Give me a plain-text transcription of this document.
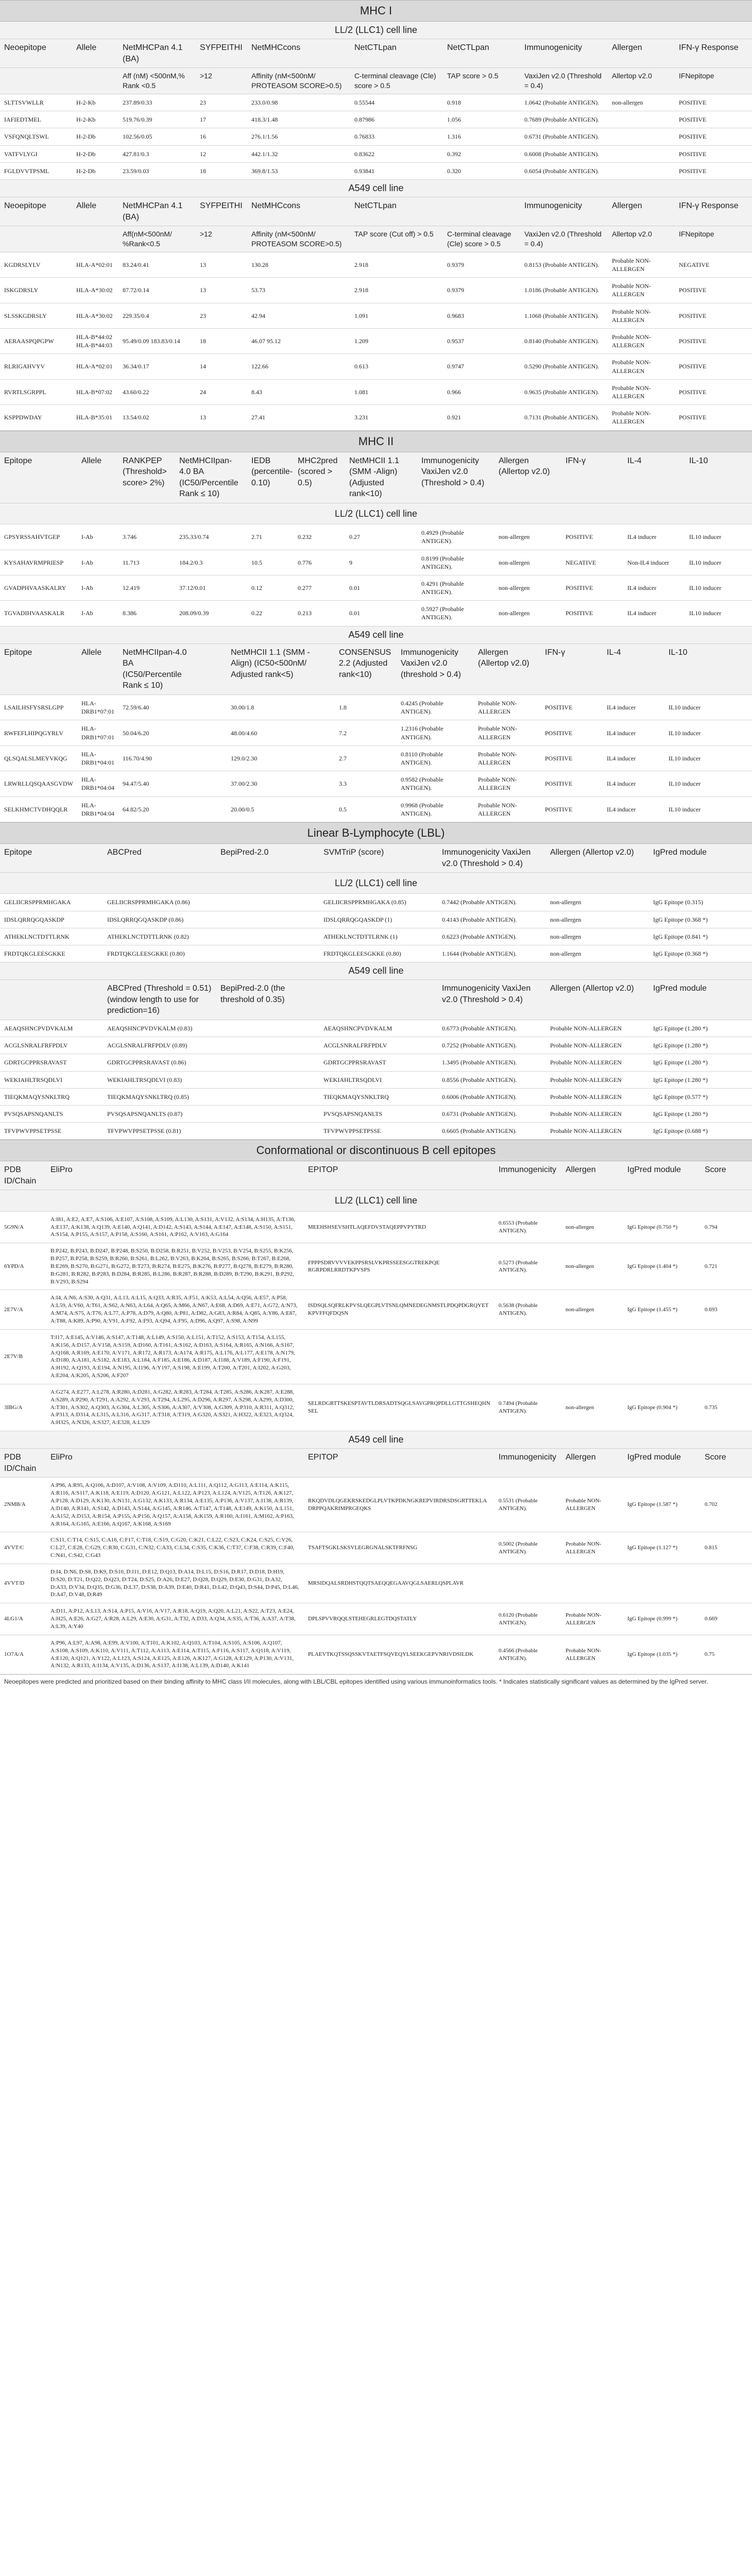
MHC I
LL/2 (LLC1) cell line
Neoepitope	Allele	NetMHCPan 4.1 (BA)	SYFPEITHI	NetMHCcons	NetCTLpan	NetCTLpan	Immunogenicity	Allergen	IFN-γ Response
		Aff (nM) <500nM,% Rank <0.5	>12	Affinity (nM<500nM/ PROTEASOM SCORE>0.5)	C-terminal cleavage (Cle) score > 0.5	TAP score > 0.5	VaxiJen v2.0 (Threshold = 0.4)	Allertop v2.0	IFNepitope
SLTTSVWLLR	H-2-Kb	237.89/0.33	23	233.0/0.98	0.55544	0.918	1.0642 (Probable ANTIGEN).	non-allergen	POSITIVE
IAFIEDTMEL	H-2-Kb	519.76/0.39	17	418.3/1.48	0.87986	1.056	0.7689 (Probable ANTIGEN).		POSITIVE
VSFQNQLTSWL	H-2-Db	102.56/0.05	16	276.1/1.56	0.76833	1.316	0.6731 (Probable ANTIGEN).		POSITIVE
VATFVLYGI	H-2-Db	427.81/0.3	12	442.1/1.32	0.83622	0.392	0.6008 (Probable ANTIGEN).		POSITIVE
FGLDVVTPSML	H-2-Db	23.59/0.03	18	369.8/1.53	0.93841	0.320	0.6054 (Probable ANTIGEN).		POSITIVE
A549 cell line
Neoepitope	Allele	NetMHCPan 4.1 (BA)	SYFPEITHI	NetMHCcons	NetCTLpan		Immunogenicity	Allergen	IFN-γ Response
		Aff(nM<500nM/ %Rank<0.5	>12	Affinity (nM<500nM/ PROTEASOM SCORE>0.5)	TAP score (Cut off) > 0.5	C-terminal cleavage (Cle) score > 0.5	VaxiJen v2.0 (Threshold = 0.4)	Allertop v2.0	IFNepitope
KGDRSLYLV	HLA-A*02:01	83.24/0.41	13	130.28	2.918	0.9379	0.8153 (Probable ANTIGEN).	Probable NON-ALLERGEN	NEGATIVE
ISKGDRSLY	HLA-A*30:02	87.72/0.14	13	53.73	2.918	0.9379	1.0186 (Probable ANTIGEN).	Probable NON-ALLERGEN	POSITIVE
SLSSKGDRSLY	HLA-A*30:02	229.35/0.4	23	42.94	1.091	0.9683	1.1068 (Probable ANTIGEN).	Probable NON-ALLERGEN	POSITIVE
AERAASPQPGPW	HLA-B*44:02 HLA-B*44:03	95.49/0.09 183.83/0.14	18	46.07 95.12	1.209	0.9537	0.8140 (Probable ANTIGEN).	Probable NON-ALLERGEN	POSITIVE
RLRIGAHVYV	HLA-A*02:01	36.34/0.17	14	122.66	0.613	0.9747	0.5290 (Probable ANTIGEN).	Probable NON-ALLERGEN	POSITIVE
RVRTLSGRPPL	HLA-B*07:02	43.60/0.22	24	8.43	1.081	0.966	0.9635 (Probable ANTIGEN).	Probable NON-ALLERGEN	POSITIVE
KSPPDWDAY	HLA-B*35:01	13.54/0.02	13	27.41	3.231	0.921	0.7131 (Probable ANTIGEN).	Probable NON-ALLERGEN	POSITIVE
MHC II
Epitope	Allele	RANKPEP (Threshold> score> 2%)	NetMHCIIpan-4.0 BA (IC50/Percentile Rank ≤ 10)	IEDB (percentile-0.10)	MHC2pred (scored > 0.5)	NetMHCII 1.1 (SMM -Align) (Adjusted rank<10)	Immunogenicity VaxiJen v2.0 (Threshold > 0.4)	Allergen (Allertop v2.0)	IFN-γ	IL-4	IL-10
LL/2 (LLC1) cell line											
GPSYRSSAHVTGEP	I-Ab	3.746	235.33/0.74	2.71	0.232	0.27	0.4929 (Probable ANTIGEN).	non-allergen	POSITIVE	IL4 inducer	IL10 inducer
KYSAHAVRMPRIESP	I-Ab	11.713	184.2/0.3	10.5	0.776	9	0.8199 (Probable ANTIGEN).	non-allergen	NEGATIVE	Non-IL4 inducer	IL10 inducer
GVADPHVAASKALRY	I-Ab	12.419	37.12/0.01	0.12	0.277	0.01	0.4291 (Probable ANTIGEN).	non-allergen	POSITIVE	IL4 inducer	IL10 inducer
TGVADIHVAASKALR	I-Ab	8.386	208.09/0.39	0.22	0.213	0.01	0.5927 (Probable ANTIGEN).	non-allergen	POSITIVE	IL4 inducer	IL10 inducer
A549 cell line
Epitope	Allele	NetMHCIIpan-4.0 BA (IC50/Percentile Rank ≤ 10)		NetMHCII 1.1 (SMM -Align) (IC50<500nM/ Adjusted rank<5)		CONSENSUS 2.2 (Adjusted rank<10)	Immunogenicity VaxiJen v2.0 (threshold > 0.4)	Allergen (Allertop v2.0)	IFN-γ	IL-4	IL-10
LSAILHSFYSRSLGPP	HLA-DRB1*07:01	72.59/6.40		30.00/1.8		1.8	0.4245 (Probable ANTIGEN).	Probable NON-ALLERGEN	POSITIVE	IL4 inducer	IL10 inducer
RWFEFLHIPQGYRLV	HLA-DRB1*07:01	50.04/6.20		48.00/4.60		7.2	1.2316 (Probable ANTIGEN).	Probable NON-ALLERGEN	POSITIVE	IL4 inducer	IL10 inducer
QLSQALSLMEYVKQG	HLA-DRB1*04:01	116.70/4.90		129.0/2.30		2.7	0.8110 (Probable ANTIGEN).	Probable NON-ALLERGEN	POSITIVE	IL4 inducer	IL10 inducer
LRWRLLQSQAASGVDW	HLA-DRB1*04:04	94.47/5.40		37.00/2.30		3.3	0.9582 (Probable ANTIGEN).	Probable NON-ALLERGEN	POSITIVE	IL4 inducer	IL10 inducer
SELKHMCTVDHQQLR	HLA-DRB1*04:04	64.82/5.20		20.00/0.5		0.5	0.9968 (Probable ANTIGEN).	Probable NON-ALLERGEN	POSITIVE	IL4 inducer	IL10 inducer
Linear B-Lymphocyte (LBL)
Epitope	ABCPred	BepiPred-2.0	SVMTriP (score)	Immunogenicity VaxiJen v2.0 (Threshold > 0.4)	Allergen (Allertop v2.0)	IgPred module
LL/2 (LLC1) cell line						
GELIICRSPPRMHGAKA	GELIICRSPPRMHGAKA (0.86)		GELIICRSPPRMHGAKA (0.85)	0.7442 (Probable ANTIGEN).	non-allergen	IgG Epitope (0.315)
IDSLQRRQGQASKDP	IDSLQRRQGQASKDP (0.86)		IDSLQRRQGQASKDP (1)	0.4143 (Probable ANTIGEN).	non-allergen	IgG Epitope (0.368 *)
ATHEKLNCTDTTLRNK	ATHEKLNCTDTTLRNK (0.82)		ATHEKLNCTDTTLRNK (1)	0.6223 (Probable ANTIGEN).	non-allergen	IgG Epitope (0.841 *)
FRDTQKGLEESGKKE	FRDTQKGLEESGKKE (0.80)		FRDTQKGLEESGKKE (0.80)	1.1644 (Probable ANTIGEN).	non-allergen	IgG Epitope (0.368 *)
A549 cell line
	ABCPred (Threshold = 0.51) (window length to use for prediction=16)	BepiPred-2.0 (the threshold of 0.35)		Immunogenicity VaxiJen v2.0 (Threshold > 0.4)	Allergen (Allertop v2.0)	IgPred module
AEAQSHNCPVDVKALM	AEAQSHNCPVDVKALM (0.83)		AEAQSHNCPVDVKALM	0.6773 (Probable ANTIGEN).	Probable NON-ALLERGEN	IgG Epitope (1.280 *)
ACGLSNRALFRFPDLV	ACGLSNRALFRFPDLV (0.89)		ACGLSNRALFRFPDLV	0.7252 (Probable ANTIGEN).	Probable NON-ALLERGEN	IgG Epitope (1.280 *)
GDRTGCPPRSRAVAST	GDRTGCPPRSRAVAST (0.86)		GDRTGCPPRSRAVAST	1.3495 (Probable ANTIGEN).	Probable NON-ALLERGEN	IgG Epitope (1.280 *)
WEKIAHLTRSQDLVI	WEKIAHLTRSQDLVI (0.83)		WEKIAHLTRSQDLVI	0.8556 (Probable ANTIGEN).	Probable NON-ALLERGEN	IgG Epitope (1.280 *)
TIEQKMAQYSNKLTRQ	TIEQKMAQYSNKLTRQ (0.85)		TIEQKMAQYSNKLTRQ	0.6006 (Probable ANTIGEN).	Probable NON-ALLERGEN	IgG Epitope (0.577 *)
PVSQSAPSNQANLTS	PVSQSAPSNQANLTS (0.87)		PVSQSAPSNQANLTS	0.6731 (Probable ANTIGEN).	Probable NON-ALLERGEN	IgG Epitope (1.280 *)
TFVPWVPPSETPSSE	TFVPWVPPSETPSSE (0.81)		TFVPWVPPSETPSSE	0.6605 (Probable ANTIGEN).	Probable NON-ALLERGEN	IgG Epitope (0.688 *)
Conformational or discontinuous B cell epitopes
PDB ID/Chain	EliPro	EPITOP	Immunogenicity	Allergen	IgPred module	Score
LL/2 (LLC1) cell line						
5G9N/A	A:I81, A:E2, A:E7, A:S106, A:E107, A:S108, A:S109, A:L130, A:S131, A:V132, A:S134, A:H135, A:T136, A:E137, A:K138, A:Q139, A:E140, A:Q141, A:D142, A:S143, A:S144, A:E147, A:E148, A:S150, A:S151, A:S154, A:P155, A:S157, A:P158, A:S160, A:S161, A:P162, A:V163, A:G164	MEEHSHSEVSHTLAQEFDVSTAQEPPVPYTRD	0.6553 (Probable ANTIGEN).	non-allergen	IgG Epitope (0.750 *)	0.794
6YPD/A	B:P242, B:P243, B:D247, B:P248, B:S250, B:D258, B:R251, B:V252, B:V253, B:V254, B:S255, B:K256, B:P257, B:P258, B:S259, B:R260, B:S261, B:L262, B:V263, B:K264, B:S265, B:S266, B:T267, B:E268, B:E269, B:S270, B:G271, B:G272, B:T273, B:R274, B:E275, B:K276, B:P277, B:Q278, B:E279, B:R280, B:G281, B:R282, B:P283, B:D284, B:R285, B:L286, B:R287, B:R288, B:D289, B:T290, B:K291, B:P292, B:V293, B:S294	FPPPSDRVVVVEKPPSRSLVKPRSSEESGGTREKPQE RGRPDRLRRDTKPVSPS	0.5273 (Probable ANTIGEN).	non-allergen	IgG Epitope (1.404 *)	0.721
2E7V/A	A:I4, A:N6, A:S30, A:Q31, A:L13, A:L15, A:Q33, A:R35, A:F51, A:K53, A:L54, A:Q56, A:E57, A:P58, A:L59, A:V60, A:T61, A:S62, A:N63, A:L64, A:Q65, A:M66, A:N67, A:E68, A:D69, A:E71, A:G72, A:N73, A:M74, A:S75, A:T76, A:L77, A:P78, A:D79, A:Q80, A:P81, A:D82, A:G83, A:R84, A:Q85, A:Y86, A:E87, A:T88, A:K89, A:P90, A:V91, A:F92, A:F93, A:Q94, A:F95, A:D96, A:Q97, A:S98, A:N99	ISDSQLSQFRLKPVSLQEGPLVTSNLQMNEDEGNMSTLPDQPDGRQYETKPVFFQFDQSN	0.5638 (Probable ANTIGEN).	non-allergen	IgG Epitope (1.455 *)	0.693
2E7V/B	T:I17, A:E145, A:V146, A:S147, A:T148, A:L149, A:S150, A:L151, A:T152, A:S153, A:T154, A:L155, A:K156, A:D157, A:V158, A:S159, A:D160, A:T161, A:S162, A:D163, A:S164, A:R165, A:N166, A:S167, A:Q168, A:R169, A:E170, A:V171, A:R172, A:R173, A:A174, A:R175, A:L176, A:L177, A:E178, A:N179, A:D180, A:A181, A:S182, A:E183, A:L184, A:F185, A:E186, A:D187, A:I188, A:V189, A:F190, A:F191, A:H192, A:Q193, A:E194, A:N195, A:I196, A:Y197, A:S198, A:E199, A:T200, A:T201, A:I202, A:G203, A:E204, A:K205, A:S206, A:F207					
3IBG/A	A:G274, A:E277, A:L278, A:R280, A:D281, A:G282, A:R283, A:T284, A:T285, A:S286, A:K287, A:E288, A:S289, A:P290, A:T291, A:A292, A:V293, A:T294, A:L295, A:D296, A:R297, A:S298, A:A299, A:D300, A:T301, A:S302, A:Q303, A:G304, A:L305, A:S306, A:A307, A:V308, A:G309, A:P310, A:R311, A:Q312, A:P313, A:D314, A:L315, A:L316, A:G317, A:T318, A:T319, A:G320, A:S321, A:H322, A:E323, A:Q324, A:H325, A:N326, A:S327, A:E328, A:L329	SELRDGRTTSKESPTAVTLDRSADTSQGLSAVGPRQPDLLGTTGSHEQHNSEL	0.7494 (Probable ANTIGEN).	non-allergen	IgG Epitope (0.904 *)	0.735
A549 cell line
PDB ID/Chain	EliPro	EPITOP	Immunogenicity	Allergen	IgPred module	Score
2NMB/A	A:P96, A:R95, A:Q106, A:D107, A:V108, A:V109, A:D110, A:L111, A:Q112, A:G113, A:E114, A:K115, A:R116, A:S117, A:K118, A:E119, A:D120, A:G121, A:L122, A:P123, A:L124, A:V125, A:T126, A:K127, A:P128, A:D129, A:K130, A:N131, A:G132, A:K133, A:R134, A:E135, A:P136, A:V137, A:I138, A:R139, A:D140, A:R141, A:S142, A:D143, A:S144, A:G145, A:R146, A:T147, A:T148, A:E149, A:K150, A:L151, A:A152, A:D153, A:R154, A:P155, A:P156, A:Q157, A:A158, A:K159, A:R160, A:I161, A:M162, A:P163, A:R164, A:G165, A:E166, A:Q167, A:K168, A:S169	RKQDVDLQGEKRSKEDGLPLVTKPDKNGKREPVIRDRSDSGRTTEKLADRPPQAKRIMPRGEQKS	0.5531 (Probable ANTIGEN).	Probable NON-ALLERGEN	IgG Epitope (1.587 *)	0.702
4VVT/C	C:S11, C:T14, C:S15, C:A16, C:F17, C:T18, C:S19, C:G20, C:K21, C:L22, C:S23, C:K24, C:S25, C:V26, C:L27, C:E28, C:G29, C:R30, C:G31, C:N32, C:A33, C:L34, C:S35, C:K36, C:T37, C:F38, C:R39, C:F40, C:N41, C:S42, C:G43	TSAFTSGKLSKSVLEGRGNALSKTFRFNSG	0.5002 (Probable ANTIGEN).	Probable NON-ALLERGEN	IgG Epitope (1.127 *)	0.815
4VVT/D	D:I4, D:N6, D:S8, D:K9, D:S10, D:I11, D:E12, D:Q13, D:A14, D:L15, D:S16, D:R17, D:D18, D:H19, D:S20, D:T21, D:Q22, D:Q23, D:T24, D:S25, D:A26, D:E27, D:Q28, D:Q29, D:E30, D:G31, D:A32, D:A33, D:V34, D:Q35, D:G36, D:L37, D:S38, D:A39, D:E40, D:R41, D:L42, D:Q43, D:S44, D:P45, D:L46, D:A47, D:V48, D:R49	MRSIDQALSRDHSTQQTSAEQQEGAAVQGLSAERLQSPLAVR				
4LG1/A	A:D11, A:P12, A:L13, A:S14, A:P15, A:V16, A:V17, A:R18, A:Q19, A:Q20, A:L21, A:S22, A:T23, A:E24, A:H25, A:E26, A:G27, A:R28, A:L29, A:E30, A:G31, A:T32, A:D33, A:Q34, A:S35, A:T36, A:A37, A:T38, A:L39, A:Y40	DPLSPVVRQQLSTEHEGRLEGTDQSTATLY	0.6120 (Probable ANTIGEN).	Probable NON-ALLERGEN	IgG Epitope (0.999 *)	0.669
1O7A/A	A:P96, A:L97, A:A98, A:E99, A:V100, A:T101, A:K102, A:Q103, A:T104, A:S105, A:S106, A:Q107, A:S108, A:S109, A:K110, A:V111, A:T112, A:A113, A:E114, A:T115, A:F116, A:S117, A:Q118, A:V119, A:E120, A:Q121, A:Y122, A:L123, A:S124, A:E125, A:E126, A:K127, A:G128, A:E129, A:P130, A:V131, A:N132, A:R133, A:I134, A:V135, A:D136, A:S137, A:I138, A:L139, A:D140, A:K141	PLAEVTKQTSSQSSKVTAETFSQVEQYLSEEKGEPVNRIVDSILDK	0.4566 (Probable ANTIGEN).	Probable NON-ALLERGEN	IgG Epitope (1.035 *)	0.75
Neoepitopes were predicted and prioritized based on their binding affinity to MHC class I/II molecules, along with LBL/CBL epitopes identified using various immunoinformatics tools. * Indicates statistically significant values as determined by the IgPred server.
